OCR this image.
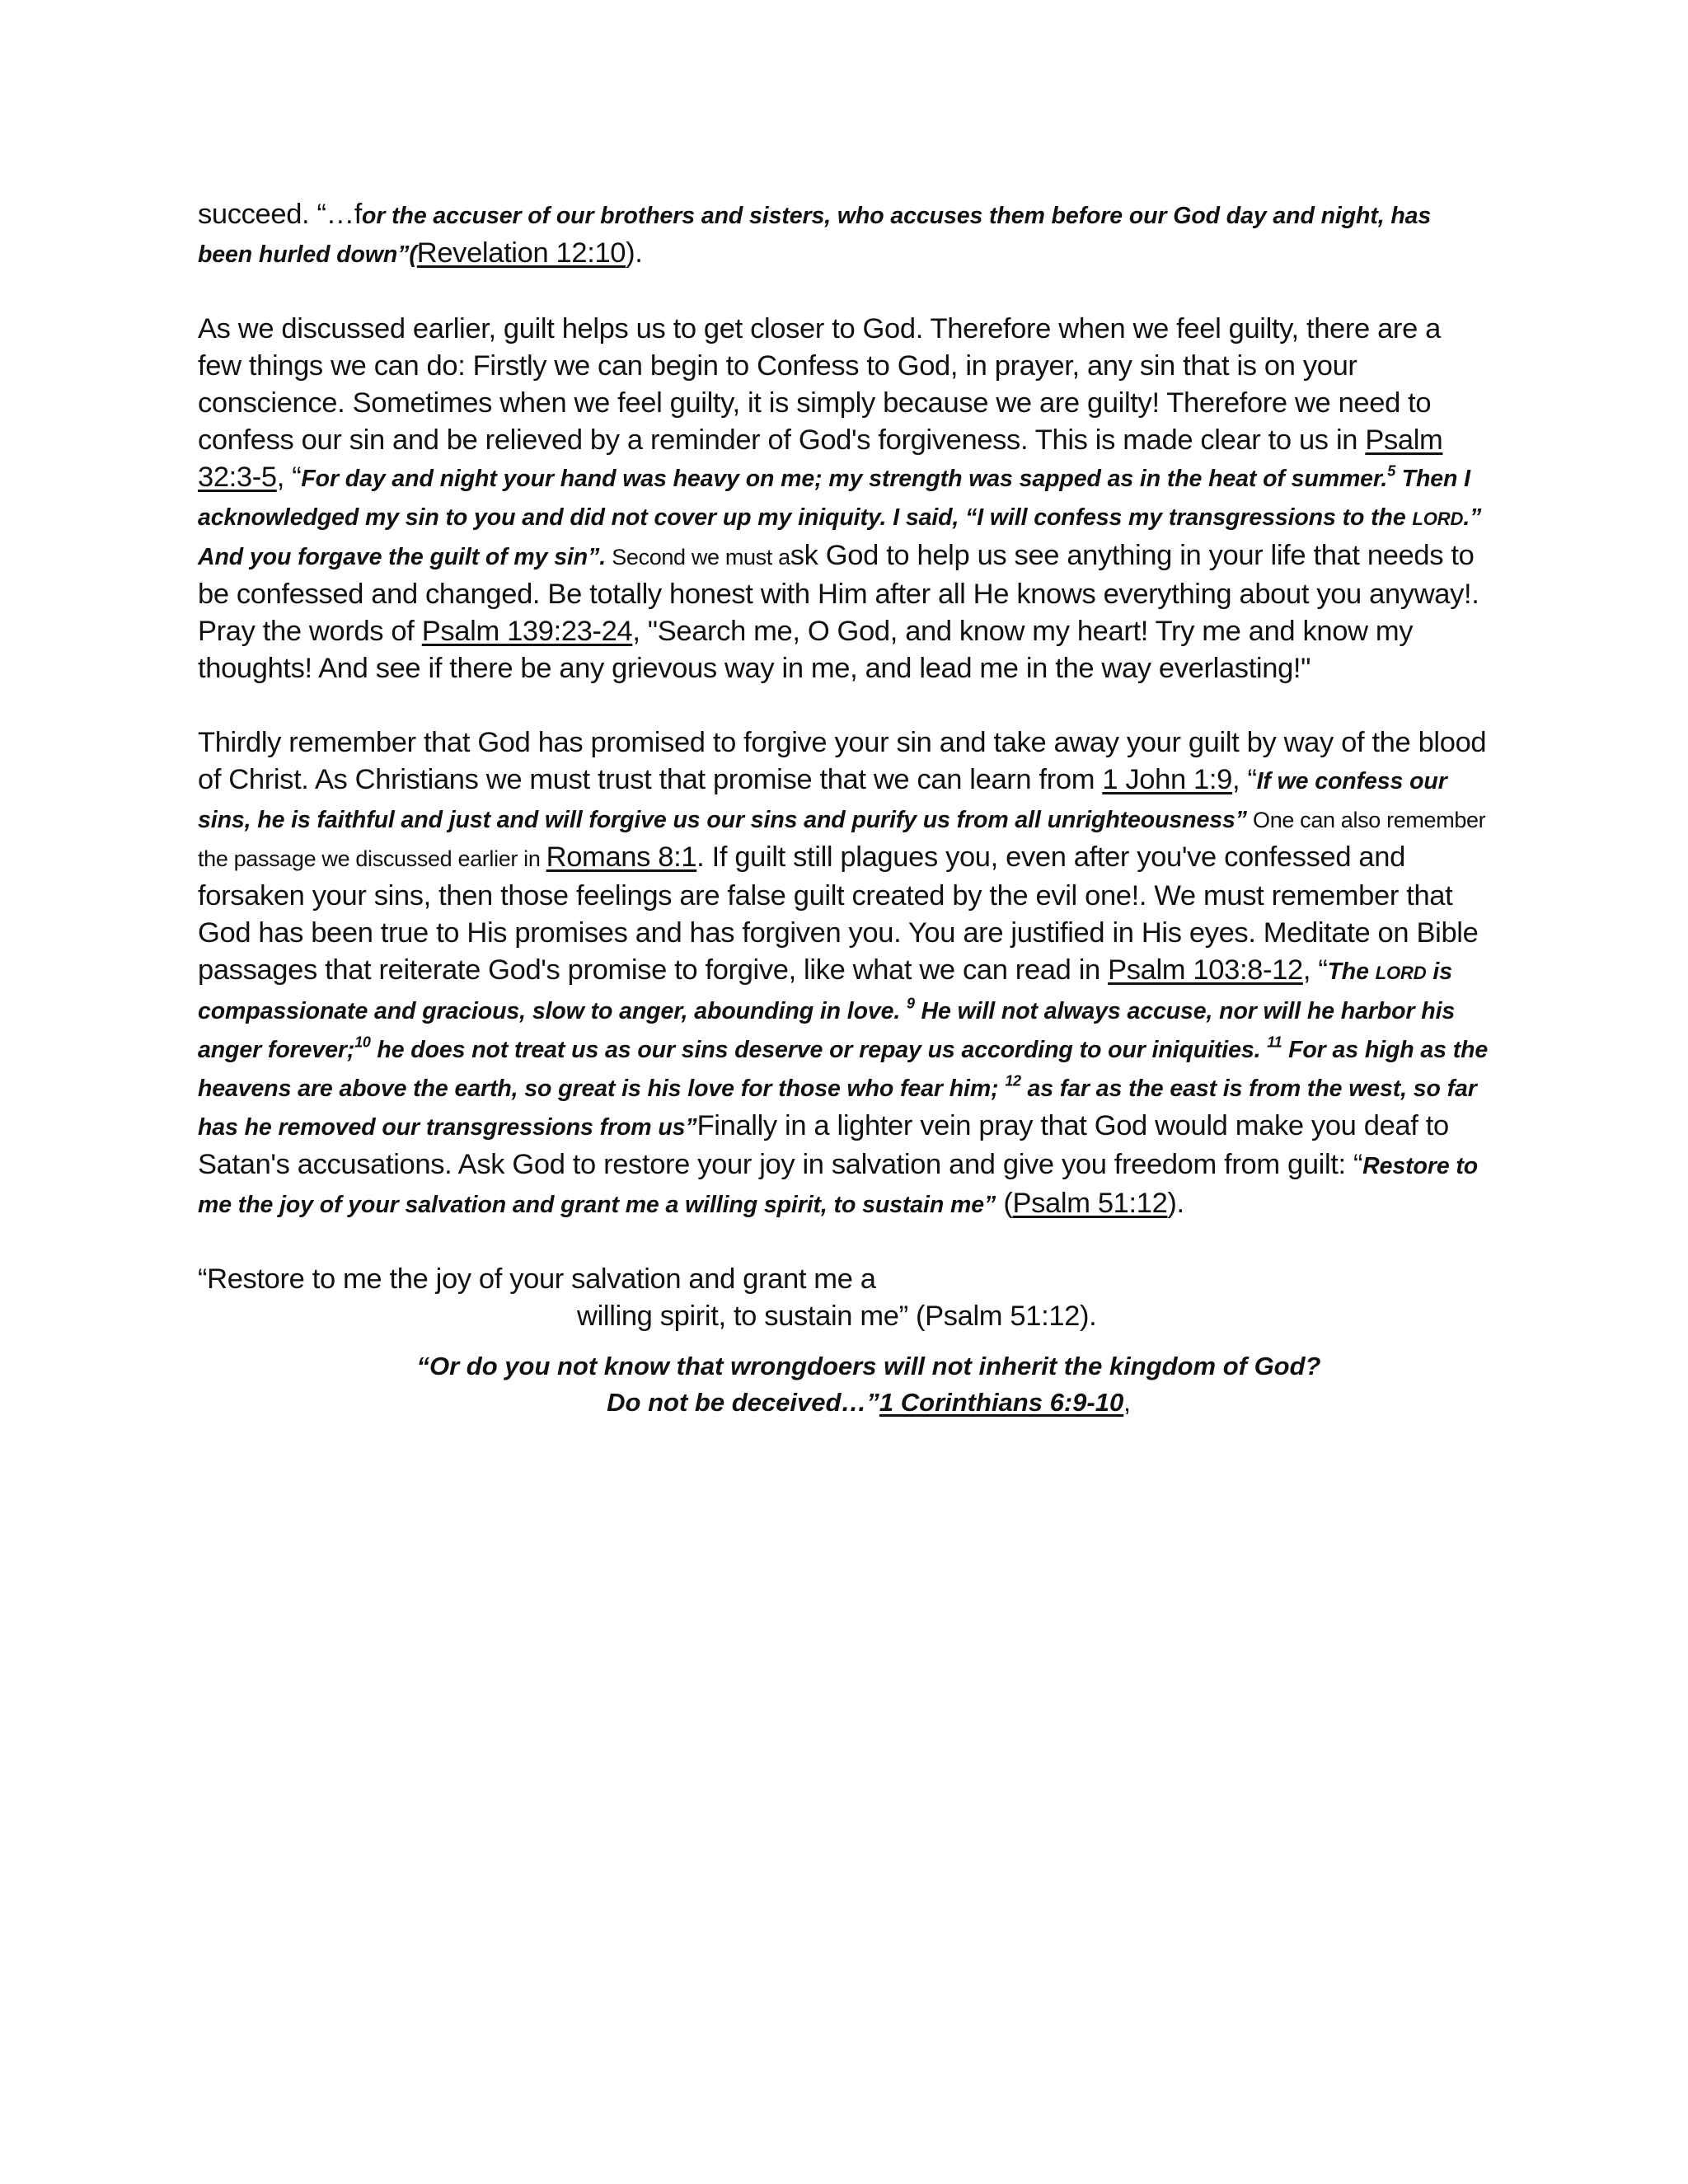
succeed. “…for the accuser of our brothers and sisters, who accuses them before our God day and night, has been hurled down”(Revelation 12:10).

As we discussed earlier, guilt helps us to get closer to God. Therefore when we feel guilty, there are a few things we can do: Firstly we can begin to Confess to God, in prayer, any sin that is on your conscience. Sometimes when we feel guilty, it is simply because we are guilty! Therefore we need to confess our sin and be relieved by a reminder of God's forgiveness. This is made clear to us in Psalm 32:3-5, “For day and night your hand was heavy on me; my strength was sapped as in the heat of summer.$^5$ Then I acknowledged my sin to you and did not cover up my iniquity. I said, “I will confess my transgressions to the LORD.” And you forgave the guilt of my sin”. Second we must ask God to help us see anything in your life that needs to be confessed and changed. Be totally honest with Him after all He knows everything about you anyway!. Pray the words of Psalm 139:23-24, "Search me, O God, and know my heart! Try me and know my thoughts! And see if there be any grievous way in me, and lead me in the way everlasting!"

Thirdly remember that God has promised to forgive your sin and take away your guilt by way of the blood of Christ. As Christians we must trust that promise that we can learn from 1 John 1:9, “If we confess our sins, he is faithful and just and will forgive us our sins and purify us from all unrighteousness” One can also remember the passage we discussed earlier in Romans 8:1. If guilt still plagues you, even after you've confessed and forsaken your sins, then those feelings are false guilt created by the evil one!. We must remember that God has been true to His promises and has forgiven you. You are justified in His eyes. Meditate on Bible passages that reiterate God's promise to forgive, like what we can read in Psalm 103:8-12, “The LORD is compassionate and gracious, slow to anger, abounding in love. $^9$ He will not always accuse, nor will he harbor his anger forever;$^{10}$ he does not treat us as our sins deserve or repay us according to our iniquities. $^{11}$ For as high as the heavens are above the earth, so great is his love for those who fear him; $^{12}$ as far as the east is from the west, so far has he removed our transgressions from us”Finally in a lighter vein pray that God would make you deaf to Satan's accusations. Ask God to restore your joy in salvation and give you freedom from guilt: “Restore to me the joy of your salvation and grant me a willing spirit, to sustain me” (Psalm 51:12).

“Restore to me the joy of your salvation and grant me a
willing spirit, to sustain me” (Psalm 51:12).
“Or do you not know that wrongdoers will not inherit the kingdom of God?
Do not be deceived…”1 Corinthians 6:9-10,
